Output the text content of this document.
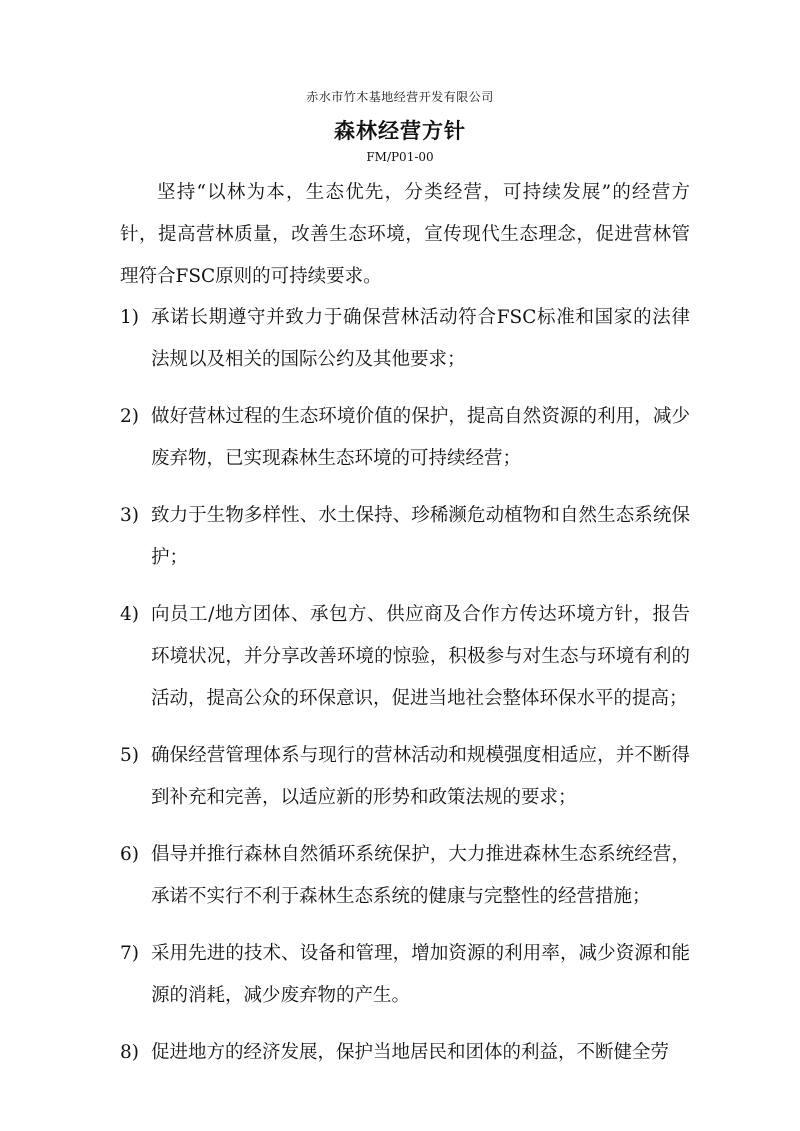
赤水市竹木基地经营开发有限公司
森林经营方针
FM/P01-00

坚持“以林为本，生态优先，分类经营，可持续发展”的经营方针，提高营林质量，改善生态环境，宣传现代生态理念，促进营林管理符合FSC原则的可持续要求。

1) 承诺长期遵守并致力于确保营林活动符合FSC标准和国家的法律法规以及相关的国际公约及其他要求；
2) 做好营林过程的生态环境价值的保护，提高自然资源的利用，减少废弃物，已实现森林生态环境的可持续经营；
3) 致力于生物多样性、水土保持、珍稀濒危动植物和自然生态系统保护；
4) 向员工/地方团体、承包方、供应商及合作方传达环境方针，报告环境状况，并分享改善环境的惊验，积极参与对生态与环境有利的活动，提高公众的环保意识，促进当地社会整体环保水平的提高；
5) 确保经营管理体系与现行的营林活动和规模强度相适应，并不断得到补充和完善，以适应新的形势和政策法规的要求；
6) 倡导并推行森林自然循环系统保护，大力推进森林生态系统经营，承诺不实行不利于森林生态系统的健康与完整性的经营措施；
7) 采用先进的技术、设备和管理，增加资源的利用率，减少资源和能源的消耗，减少废弃物的产生。
8) 促进地方的经济发展，保护当地居民和团体的利益，不断健全劳
